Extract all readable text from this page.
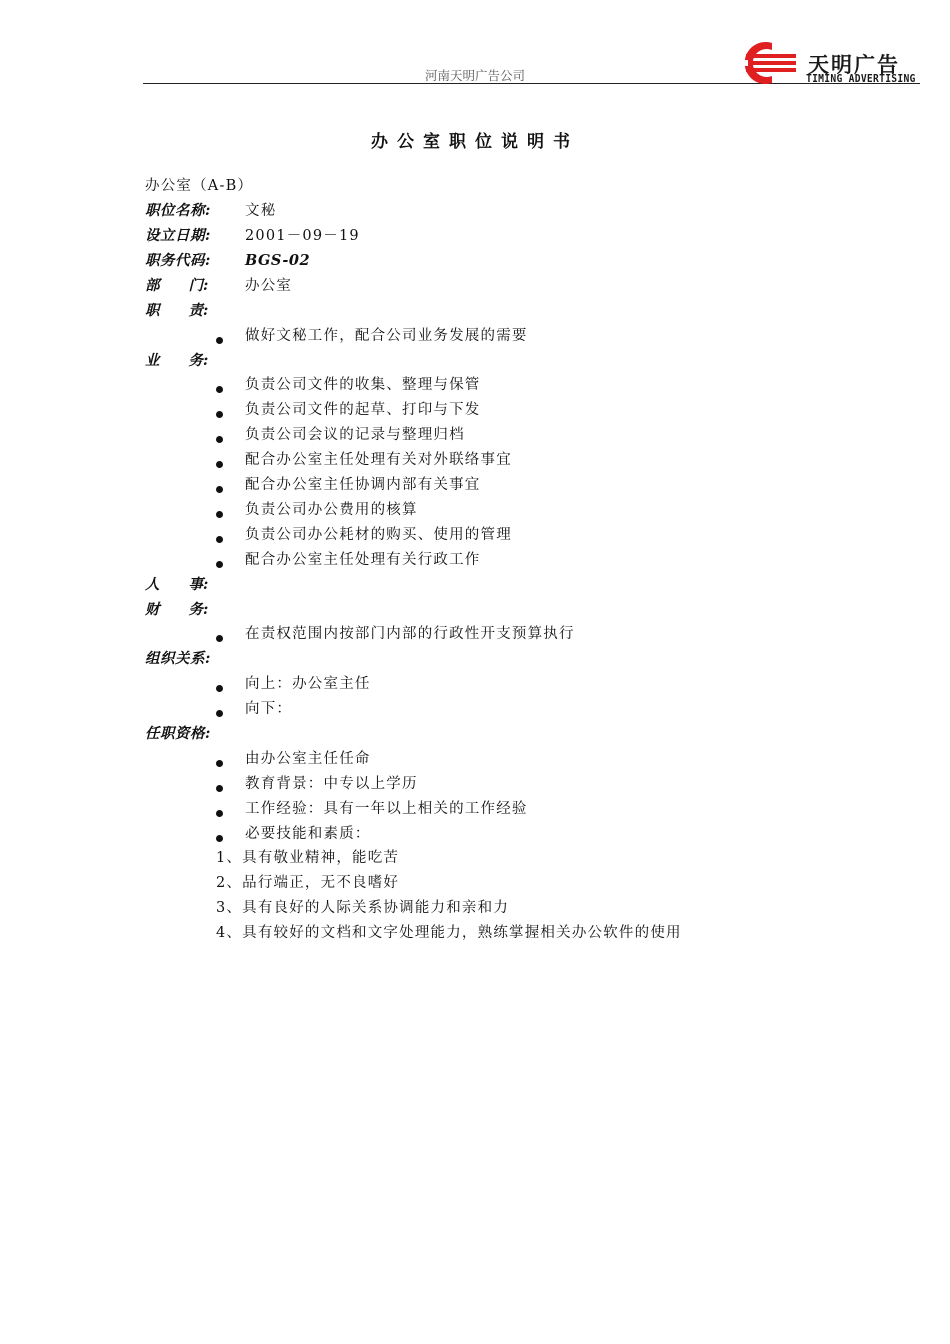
河南天明广告公司	天明广告
TIMING ADVERTISING
办公室职位说明书
办公室（A-B）
职位名称: 文秘
设立日期: 2001－09－19
职务代码: BGS-02
部　　门:	办公室
职　　责:
做好文秘工作，配合公司业务发展的需要
业　　务:
负责公司文件的收集、整理与保管
负责公司文件的起草、打印与下发
负责公司会议的记录与整理归档
配合办公室主任处理有关对外联络事宜
配合办公室主任协调内部有关事宜
负责公司办公费用的核算
负责公司办公耗材的购买、使用的管理
配合办公室主任处理有关行政工作
人　　事:
财　　务:
在责权范围内按部门内部的行政性开支预算执行
组织关系:
向上：办公室主任
向下：
任职资格:
由办公室主任任命
教育背景：中专以上学历
工作经验：具有一年以上相关的工作经验
必要技能和素质：
1、具有敬业精神，能吃苦
2、品行端正，无不良嗜好
3、具有良好的人际关系协调能力和亲和力
4、具有较好的文档和文字处理能力，熟练掌握相关办公软件的使用
